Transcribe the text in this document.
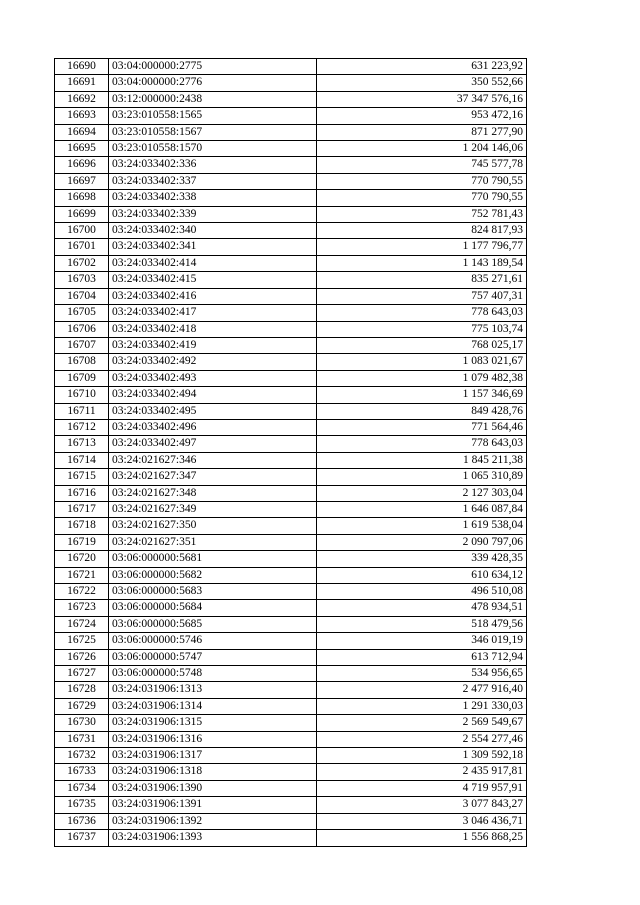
16690	03:04:000000:2775	631 223,92
16691	03:04:000000:2776	350 552,66
16692	03:12:000000:2438	37 347 576,16
16693	03:23:010558:1565	953 472,16
16694	03:23:010558:1567	871 277,90
16695	03:23:010558:1570	1 204 146,06
16696	03:24:033402:336	745 577,78
16697	03:24:033402:337	770 790,55
16698	03:24:033402:338	770 790,55
16699	03:24:033402:339	752 781,43
16700	03:24:033402:340	824 817,93
16701	03:24:033402:341	1 177 796,77
16702	03:24:033402:414	1 143 189,54
16703	03:24:033402:415	835 271,61
16704	03:24:033402:416	757 407,31
16705	03:24:033402:417	778 643,03
16706	03:24:033402:418	775 103,74
16707	03:24:033402:419	768 025,17
16708	03:24:033402:492	1 083 021,67
16709	03:24:033402:493	1 079 482,38
16710	03:24:033402:494	1 157 346,69
16711	03:24:033402:495	849 428,76
16712	03:24:033402:496	771 564,46
16713	03:24:033402:497	778 643,03
16714	03:24:021627:346	1 845 211,38
16715	03:24:021627:347	1 065 310,89
16716	03:24:021627:348	2 127 303,04
16717	03:24:021627:349	1 646 087,84
16718	03:24:021627:350	1 619 538,04
16719	03:24:021627:351	2 090 797,06
16720	03:06:000000:5681	339 428,35
16721	03:06:000000:5682	610 634,12
16722	03:06:000000:5683	496 510,08
16723	03:06:000000:5684	478 934,51
16724	03:06:000000:5685	518 479,56
16725	03:06:000000:5746	346 019,19
16726	03:06:000000:5747	613 712,94
16727	03:06:000000:5748	534 956,65
16728	03:24:031906:1313	2 477 916,40
16729	03:24:031906:1314	1 291 330,03
16730	03:24:031906:1315	2 569 549,67
16731	03:24:031906:1316	2 554 277,46
16732	03:24:031906:1317	1 309 592,18
16733	03:24:031906:1318	2 435 917,81
16734	03:24:031906:1390	4 719 957,91
16735	03:24:031906:1391	3 077 843,27
16736	03:24:031906:1392	3 046 436,71
16737	03:24:031906:1393	1 556 868,25
